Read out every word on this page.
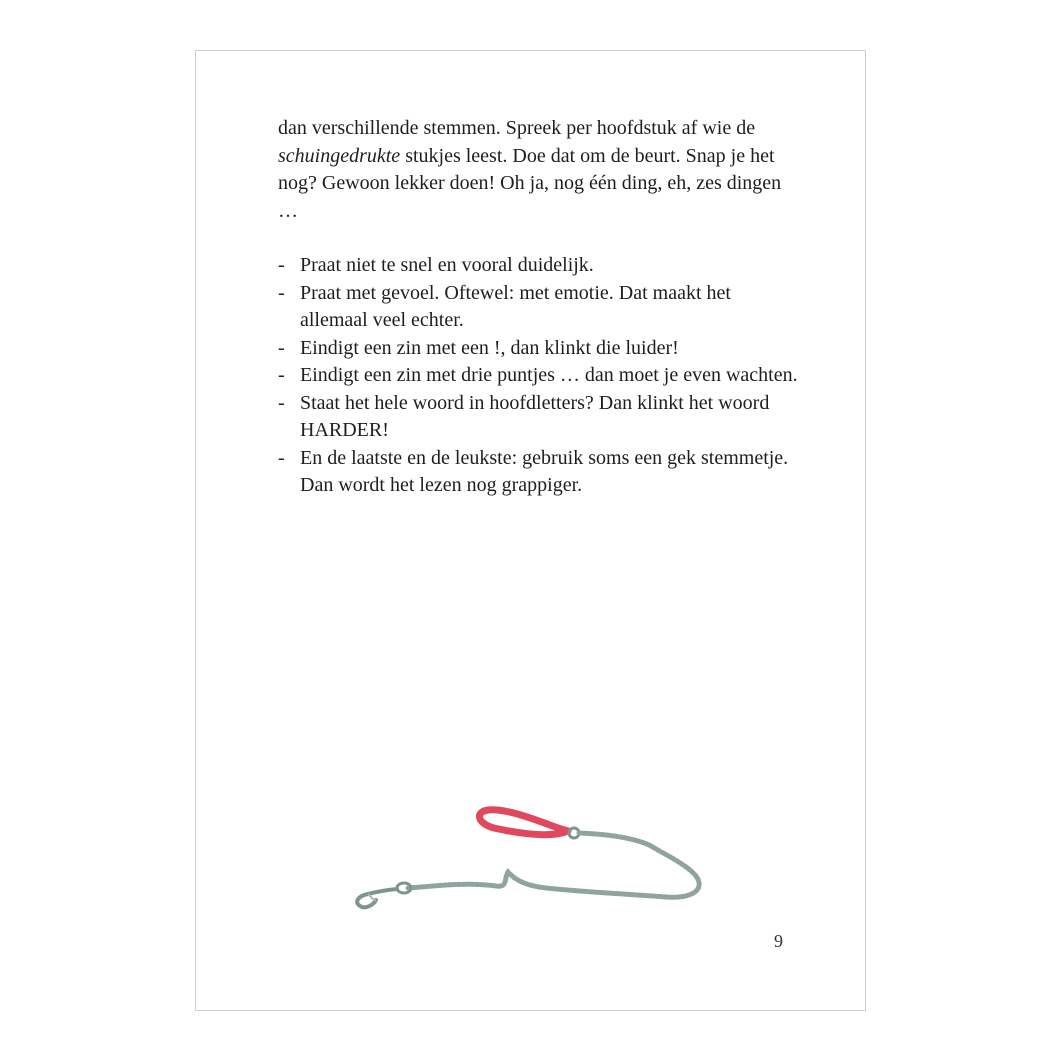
dan verschillende stemmen. Spreek per hoofdstuk af wie de schuingedrukte stukjes leest. Doe dat om de beurt. Snap je het nog? Gewoon lekker doen! Oh ja, nog één ding, eh, zes dingen …

- Praat niet te snel en vooral duidelijk.
- Praat met gevoel. Oftewel: met emotie. Dat maakt het allemaal veel echter.
- Eindigt een zin met een !, dan klinkt die luider!
- Eindigt een zin met drie puntjes … dan moet je even wachten.
- Staat het hele woord in hoofdletters? Dan klinkt het woord HARDER!
- En de laatste en de leukste: gebruik soms een gek stemmetje. Dan wordt het lezen nog grappiger.
9
